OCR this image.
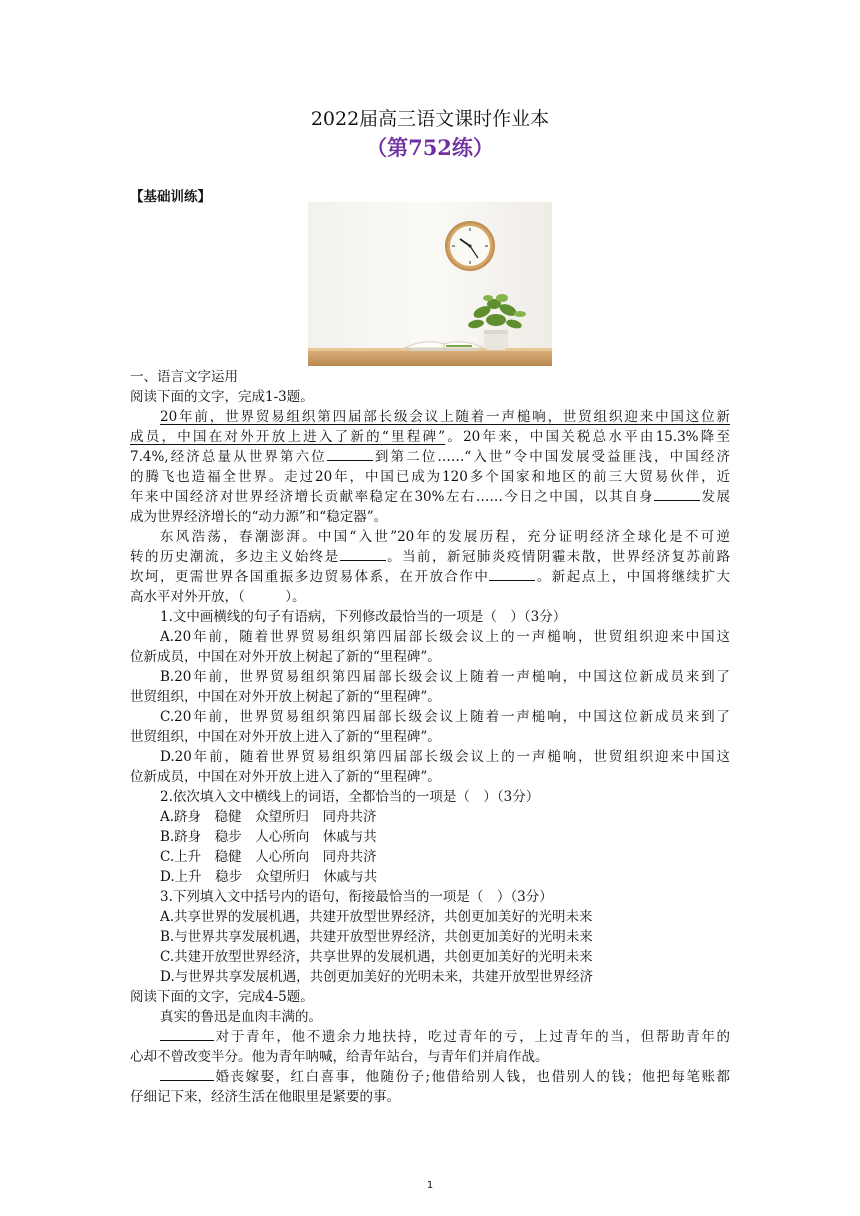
2022届高三语文课时作业本
（第752练）
【基础训练】
一、语言文字运用
阅读下面的文字，完成1-3题。
20年前，世界贸易组织第四届部长级会议上随着一声槌响，世贸组织迎来中国这位新
成员，中国在对外开放上进入了新的“里程碑”。20年来，中国关税总水平由15.3%降至
7.4%,经济总量从世界第六位	到第二位……“入世”令中国发展受益匪浅，中国经济
的腾飞也造福全世界。走过20年，中国已成为120多个国家和地区的前三大贸易伙伴，近
年来中国经济对世界经济增长贡献率稳定在30%左右……今日之中国，以其自身	发展
成为世界经济增长的“动力源”和“稳定器”。
东风浩荡，春潮澎湃。中国“入世”20年的发展历程，充分证明经济全球化是不可逆
转的历史潮流，多边主义始终是	。当前，新冠肺炎疫情阴霾未散，世界经济复苏前路
坎坷，更需世界各国重振多边贸易体系，在开放合作中	。新起点上，中国将继续扩大
高水平对外开放，（　　　）。
1.文中画横线的句子有语病，下列修改最恰当的一项是（　）（3分）
A.20年前，随着世界贸易组织第四届部长级会议上的一声槌响，世贸组织迎来中国这
位新成员，中国在对外开放上树起了新的“里程碑”。
B.20年前，世界贸易组织第四届部长级会议上随着一声槌响，中国这位新成员来到了
世贸组织，中国在对外开放上树起了新的“里程碑”。
C.20年前，世界贸易组织第四届部长级会议上随着一声槌响，中国这位新成员来到了
世贸组织，中国在对外开放上进入了新的“里程碑”。
D.20年前，随着世界贸易组织第四届部长级会议上的一声槌响，世贸组织迎来中国这
位新成员，中国在对外开放上进入了新的“里程碑”。
2.依次填入文中横线上的词语，全都恰当的一项是（　）（3分）
A.跻身　稳健　众望所归　同舟共济
B.跻身　稳步　人心所向　休戚与共
C.上升　稳健　人心所向　同舟共济
D.上升　稳步　众望所归　休戚与共
3.下列填入文中括号内的语句，衔接最恰当的一项是（　）（3分）
A.共享世界的发展机遇，共建开放型世界经济，共创更加美好的光明未来
B.与世界共享发展机遇，共建开放型世界经济，共创更加美好的光明未来
C.共建开放型世界经济，共享世界的发展机遇，共创更加美好的光明未来
D.与世界共享发展机遇，共创更加美好的光明未来，共建开放型世界经济
阅读下面的文字，完成4-5题。
真实的鲁迅是血肉丰满的。
对于青年，他不遗余力地扶持，吃过青年的亏，上过青年的当，但帮助青年的
心却不曾改变半分。他为青年呐喊，给青年站台，与青年们并肩作战。
婚丧嫁娶，红白喜事，他随份子;他借给别人钱，也借别人的钱；他把每笔账都
仔细记下来，经济生活在他眼里是紧要的事。
1
